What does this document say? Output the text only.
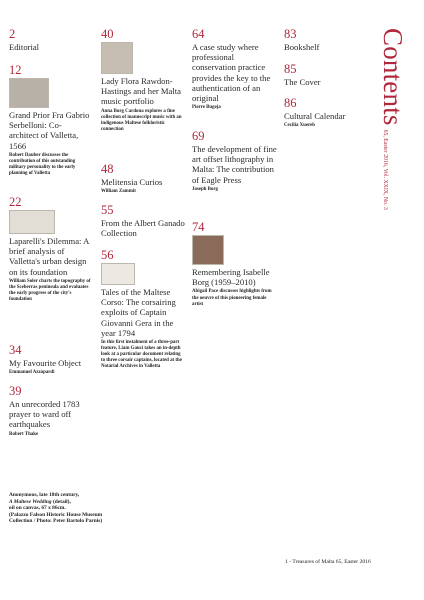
2
Editorial
12
Grand Prior Fra Gabrio Serbelloni: Co-architect of Valletta, 1566
Robert Dauber discusses the contribution of this outstanding military personality to the early planning of Valletta
22
Laparelli's Dilemma: A brief analysis of Valletta's urban design on its foundation
William Soler charts the topography of the Sceberras peninsula and evaluates the early progress of the city's foundation
34
My Favourite Object
Emmanuel Azzopardi
39
An unrecorded 1783 prayer to ward off earthquakes
Robert Thake
40
Lady Flora Rawdon-Hastings and her Malta music portfolio
Anna Borg Cardona explores a fine collection of manuscript music with an indigenous Maltese folkloristic connection
48
Melitensia Curios
William Zammit
55
From the Albert Ganado Collection
56
Tales of the Maltese Corso: The corsairing exploits of Captain Giovanni Gera in the year 1794
In this first instalment of a three-part feature, Liam Gauci takes an in-depth look at a particular document relating to three corsair captains, located at the Notarial Archives in Valletta
64
A case study where professional conservation practice provides the key to the authentication of an original
Pierre Bugeja
69
The development of fine art offset lithography in Malta: The contribution of Eagle Press
Joseph Borg
74
Remembering Isabelle Borg (1959–2010)
Abigail Pace discusses highlights from the oeuvre of this pioneering female artist
83
Bookshelf
85
The Cover
86
Cultural Calendar
Cecilia Xuereb
Contents65, Easter 2016, Vol. XXIX, No. 3
Anonymous, late 18th century,
A Maltese Wedding (detail),
oil on canvas, 67 x 86cm.
(Palazzo Falson Historic House Museum Collection / Photo: Peter Bartolo Parnis)
1 - Treasures of Malta 65, Easter 2016
